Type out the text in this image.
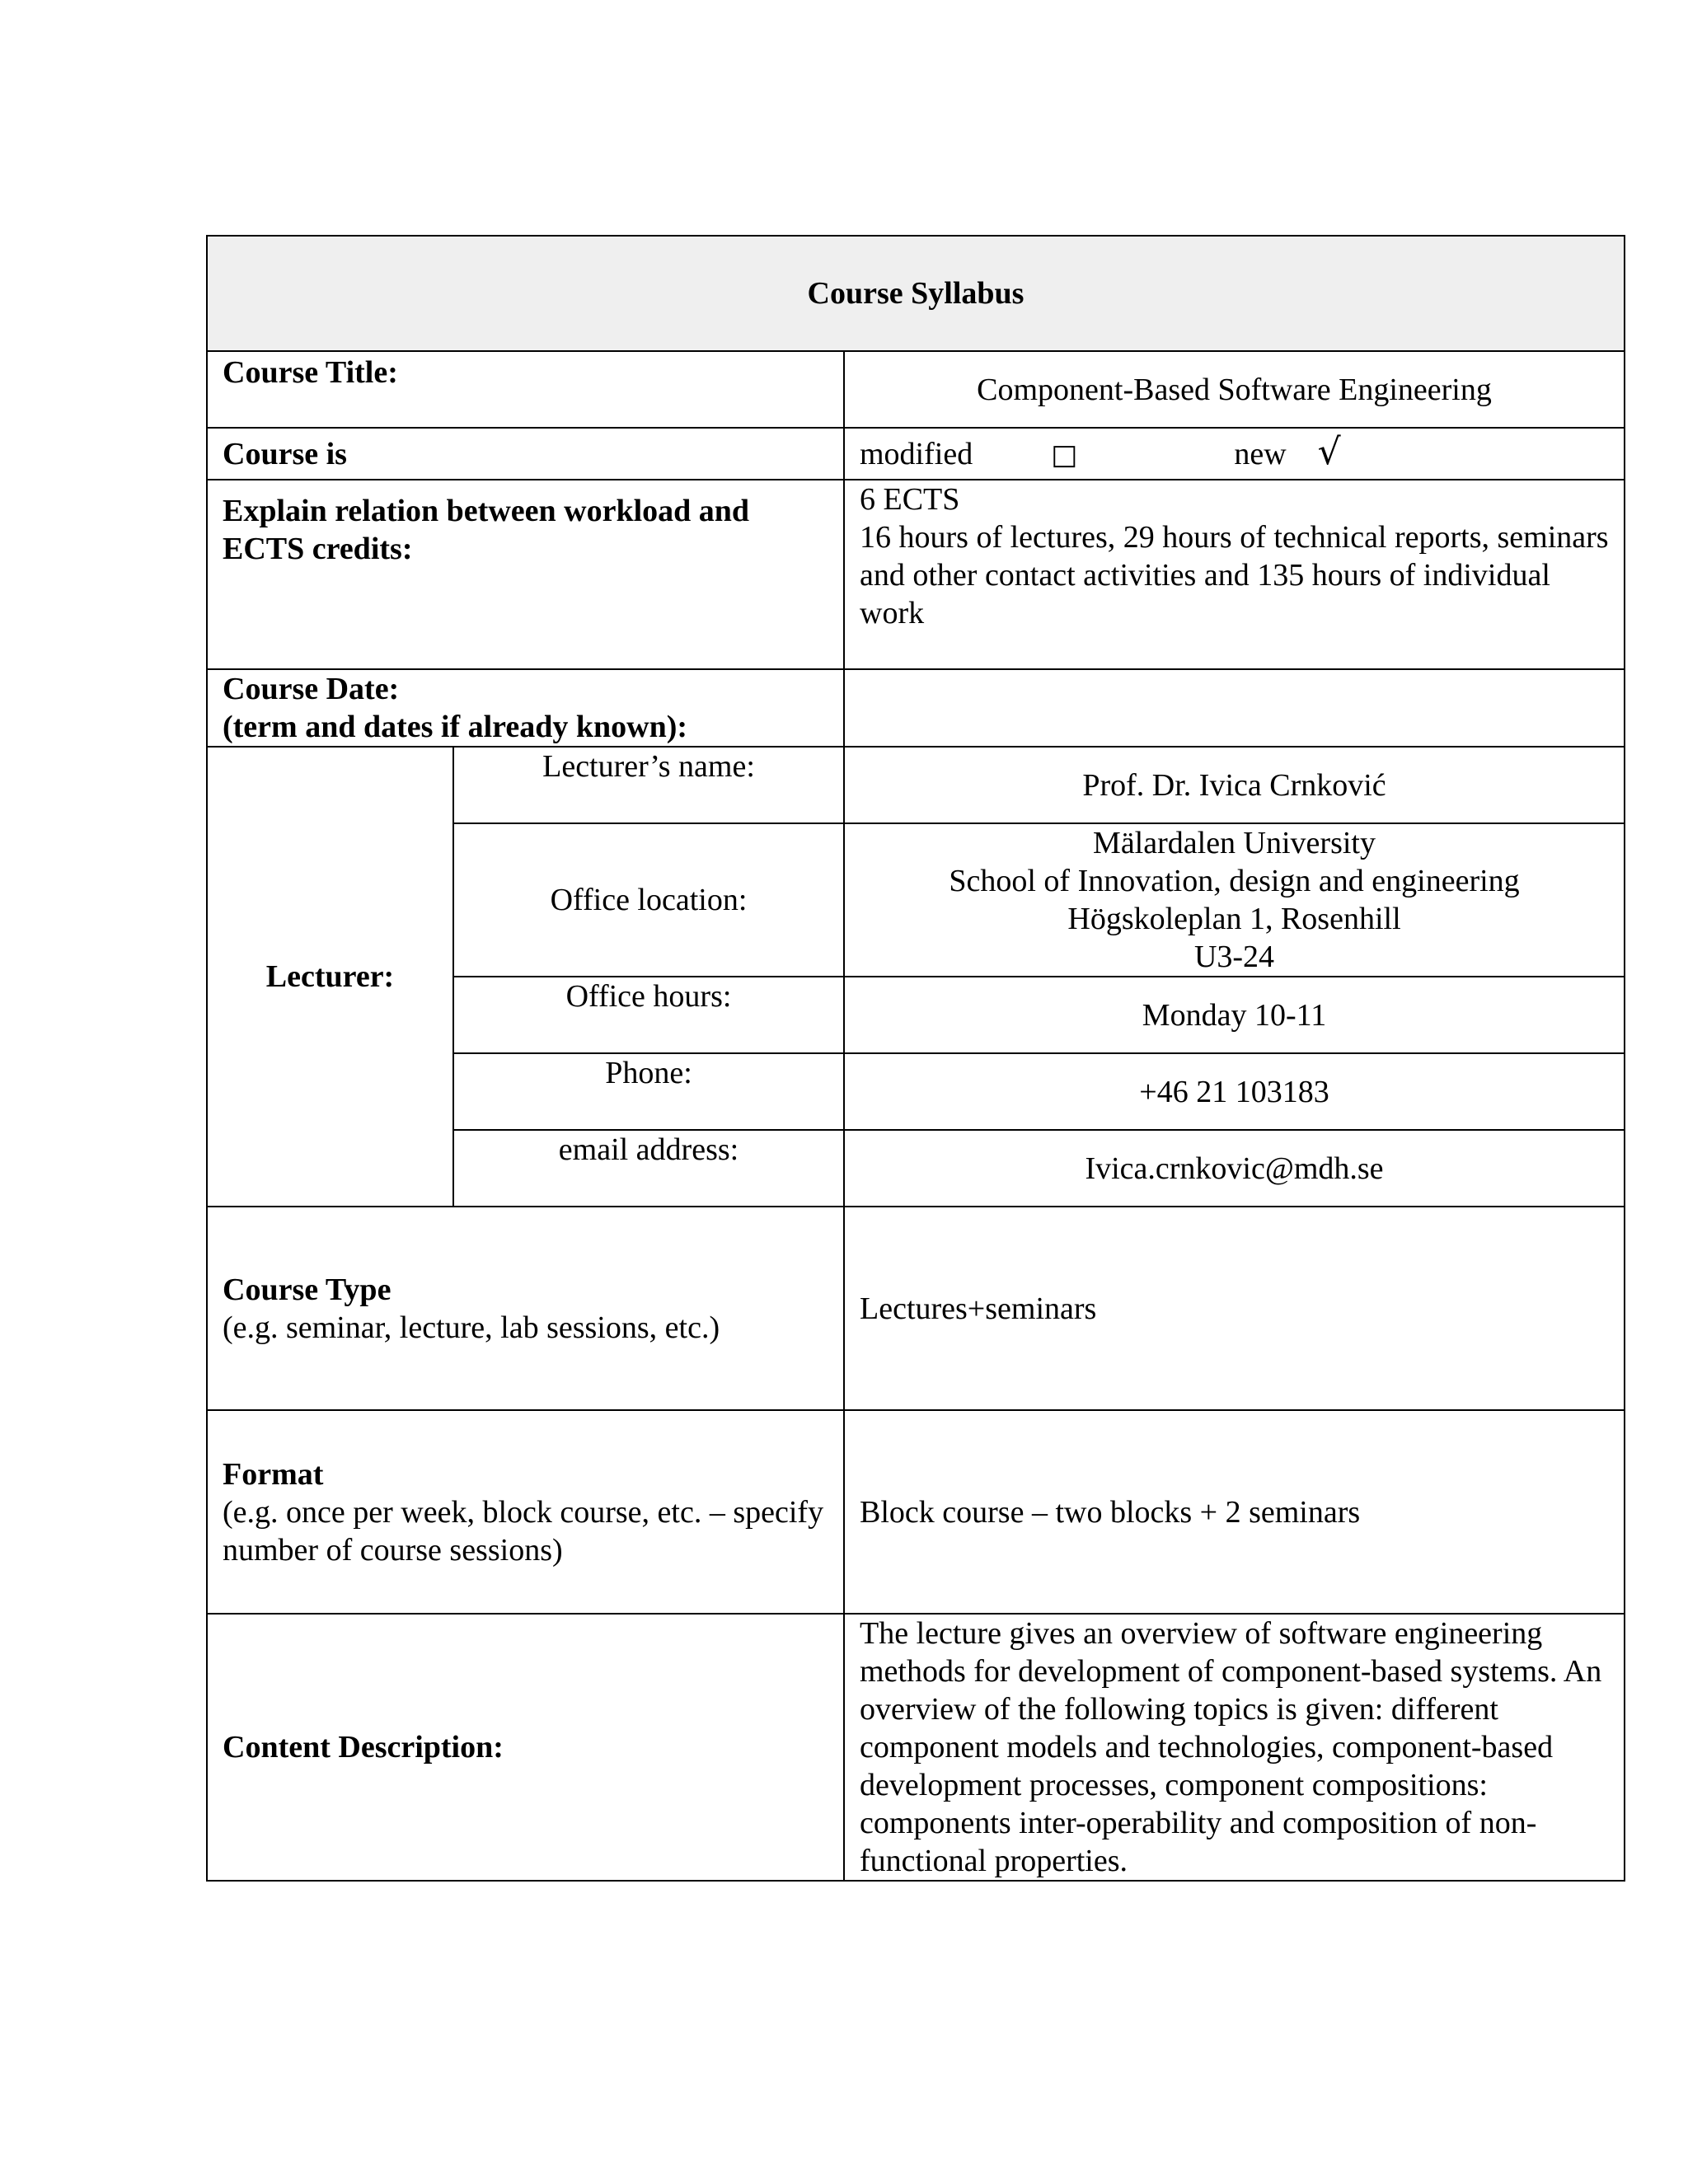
Course Syllabus		
Course Title:		Component-Based Software Engineering
Course is		modified □ new √
Explain relation between workload and ECTS credits:		6 ECTS
16 hours of lectures, 29 hours of technical reports, seminars and other contact activities and 135 hours of individual work

Course Date:
(term and dates if already known):		

Lecturer:	Lecturer’s name:	Prof. Dr. Ivica Crnković
	Office location:	Mälardalen University
School of Innovation, design and engineering
Högskoleplan 1, Rosenhill
U3-24

	Office hours:	Monday 10-11
	Phone:	+46 21 103183
	email address:	Ivica.crnkovic@mdh.se

Course Type
(e.g. seminar, lecture, lab sessions, etc.)		Lectures+seminars

Format
(e.g. once per week, block course, etc. – specify number of course sessions)		Block course – two blocks + 2 seminars
Content Description:		The lecture gives an overview of software engineering methods for development of component-based systems. An overview of the following topics is given: different component models and technologies, component-based development processes, component compositions: components inter-operability and composition of non-functional properties.
